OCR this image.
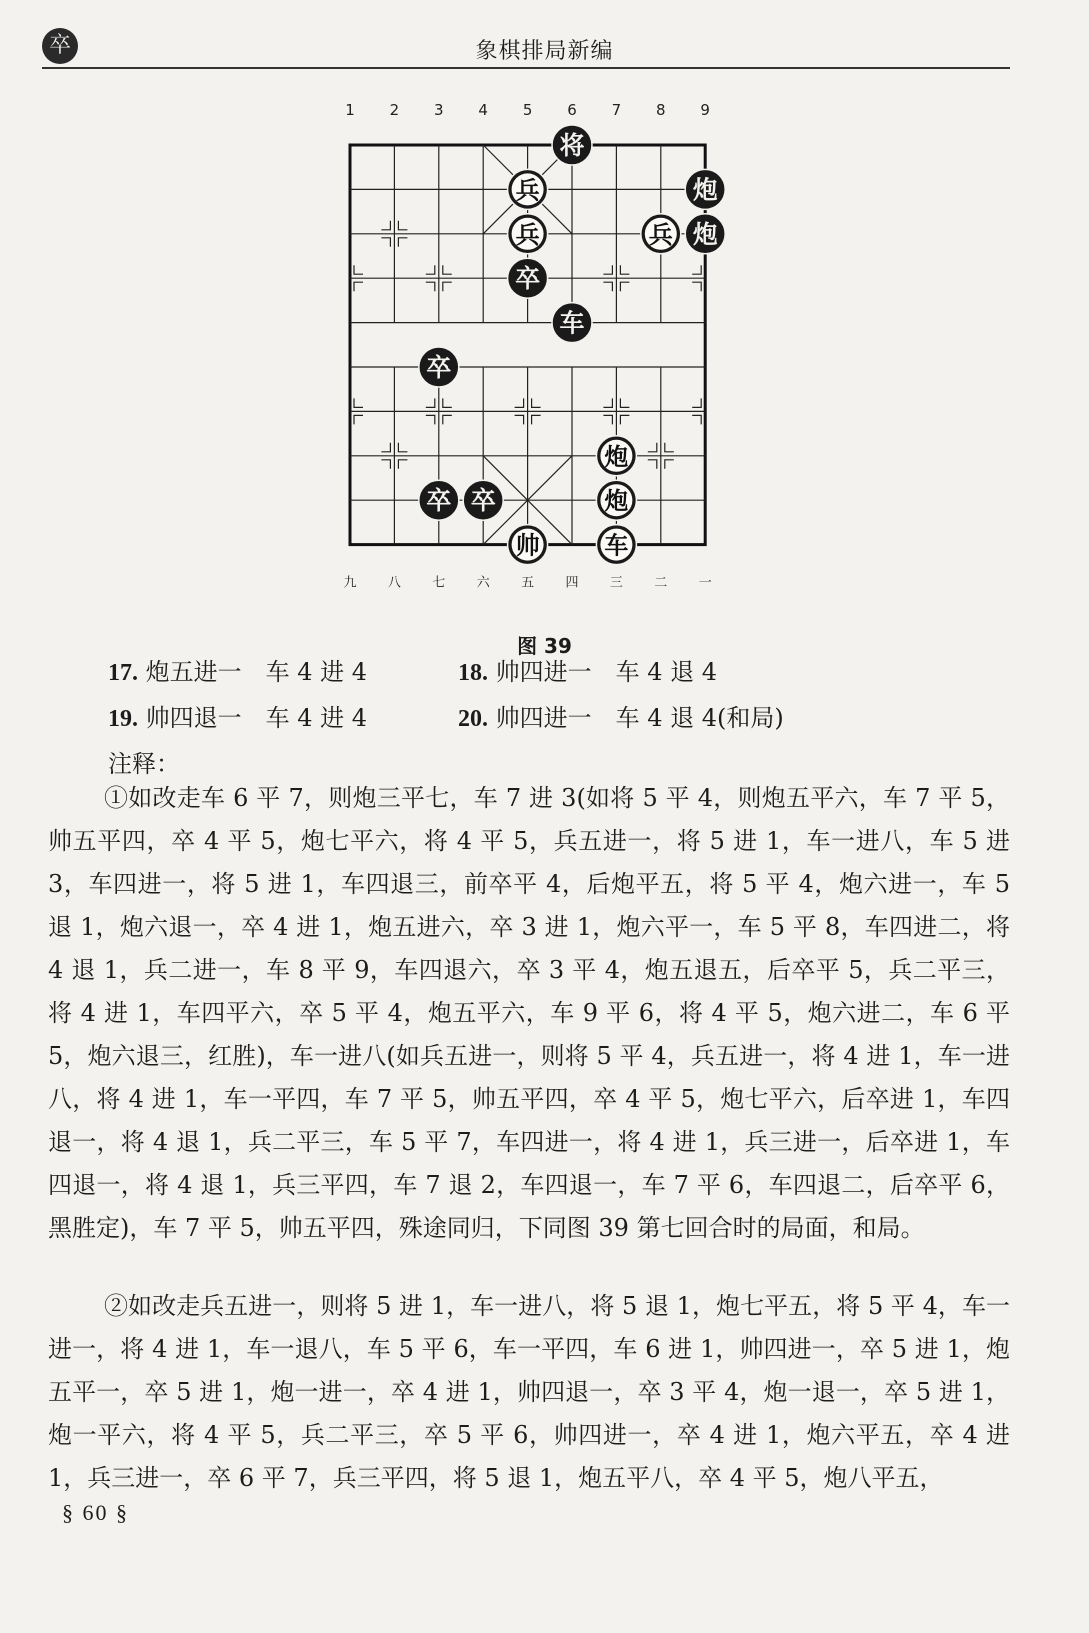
卒	象棋排局新编
1 2 3 4 5 6 7 8 9
九 八 七 六 五 四 三 二 一
将
兵	炮
兵	兵 炮
卒
车
卒
炮
卒 卒	炮
帅	车
图 39
17. 炮五进一　车 4 进 4	18. 帅四进一　车 4 退 4
19. 帅四退一　车 4 进 4	20. 帅四进一　车 4 退 4(和局)
注释：

①如改走车 6 平 7，则炮三平七，车 7 进 3(如将 5 平 4，则炮五平六，车 7 平 5，帅五平四，卒 4 平 5，炮七平六，将 4 平 5，兵五进一，将 5 进 1，车一进八，车 5 进 3，车四进一，将 5 进 1，车四退三，前卒平 4，后炮平五，将 5 平 4，炮六进一，车 5 退 1，炮六退一，卒 4 进 1，炮五进六，卒 3 进 1，炮六平一，车 5 平 8，车四进二，将 4 退 1，兵二进一，车 8 平 9，车四退六，卒 3 平 4，炮五退五，后卒平 5，兵二平三，将 4 进 1，车四平六，卒 5 平 4，炮五平六，车 9 平 6，将 4 平 5，炮六进二，车 6 平 5，炮六退三，红胜)，车一进八(如兵五进一，则将 5 平 4，兵五进一，将 4 进 1，车一进八，将 4 进 1，车一平四，车 7 平 5，帅五平四，卒 4 平 5，炮七平六，后卒进 1，车四退一，将 4 退 1，兵二平三，车 5 平 7，车四进一，将 4 进 1，兵三进一，后卒进 1，车四退一，将 4 退 1，兵三平四，车 7 退 2，车四退一，车 7 平 6，车四退二，后卒平 6，黑胜定)，车 7 平 5，帅五平四，殊途同归，下同图 39 第七回合时的局面，和局。

②如改走兵五进一，则将 5 进 1，车一进八，将 5 退 1，炮七平五，将 5 平 4，车一进一，将 4 进 1，车一退八，车 5 平 6，车一平四，车 6 进 1，帅四进一，卒 5 进 1，炮五平一，卒 5 进 1，炮一进一，卒 4 进 1，帅四退一，卒 3 平 4，炮一退一，卒 5 进 1，炮一平六，将 4 平 5，兵二平三，卒 5 平 6，帅四进一，卒 4 进 1，炮六平五，卒 4 进 1，兵三进一，卒 6 平 7，兵三平四，将 5 退 1，炮五平八，卒 4 平 5，炮八平五，

§ 60 §
